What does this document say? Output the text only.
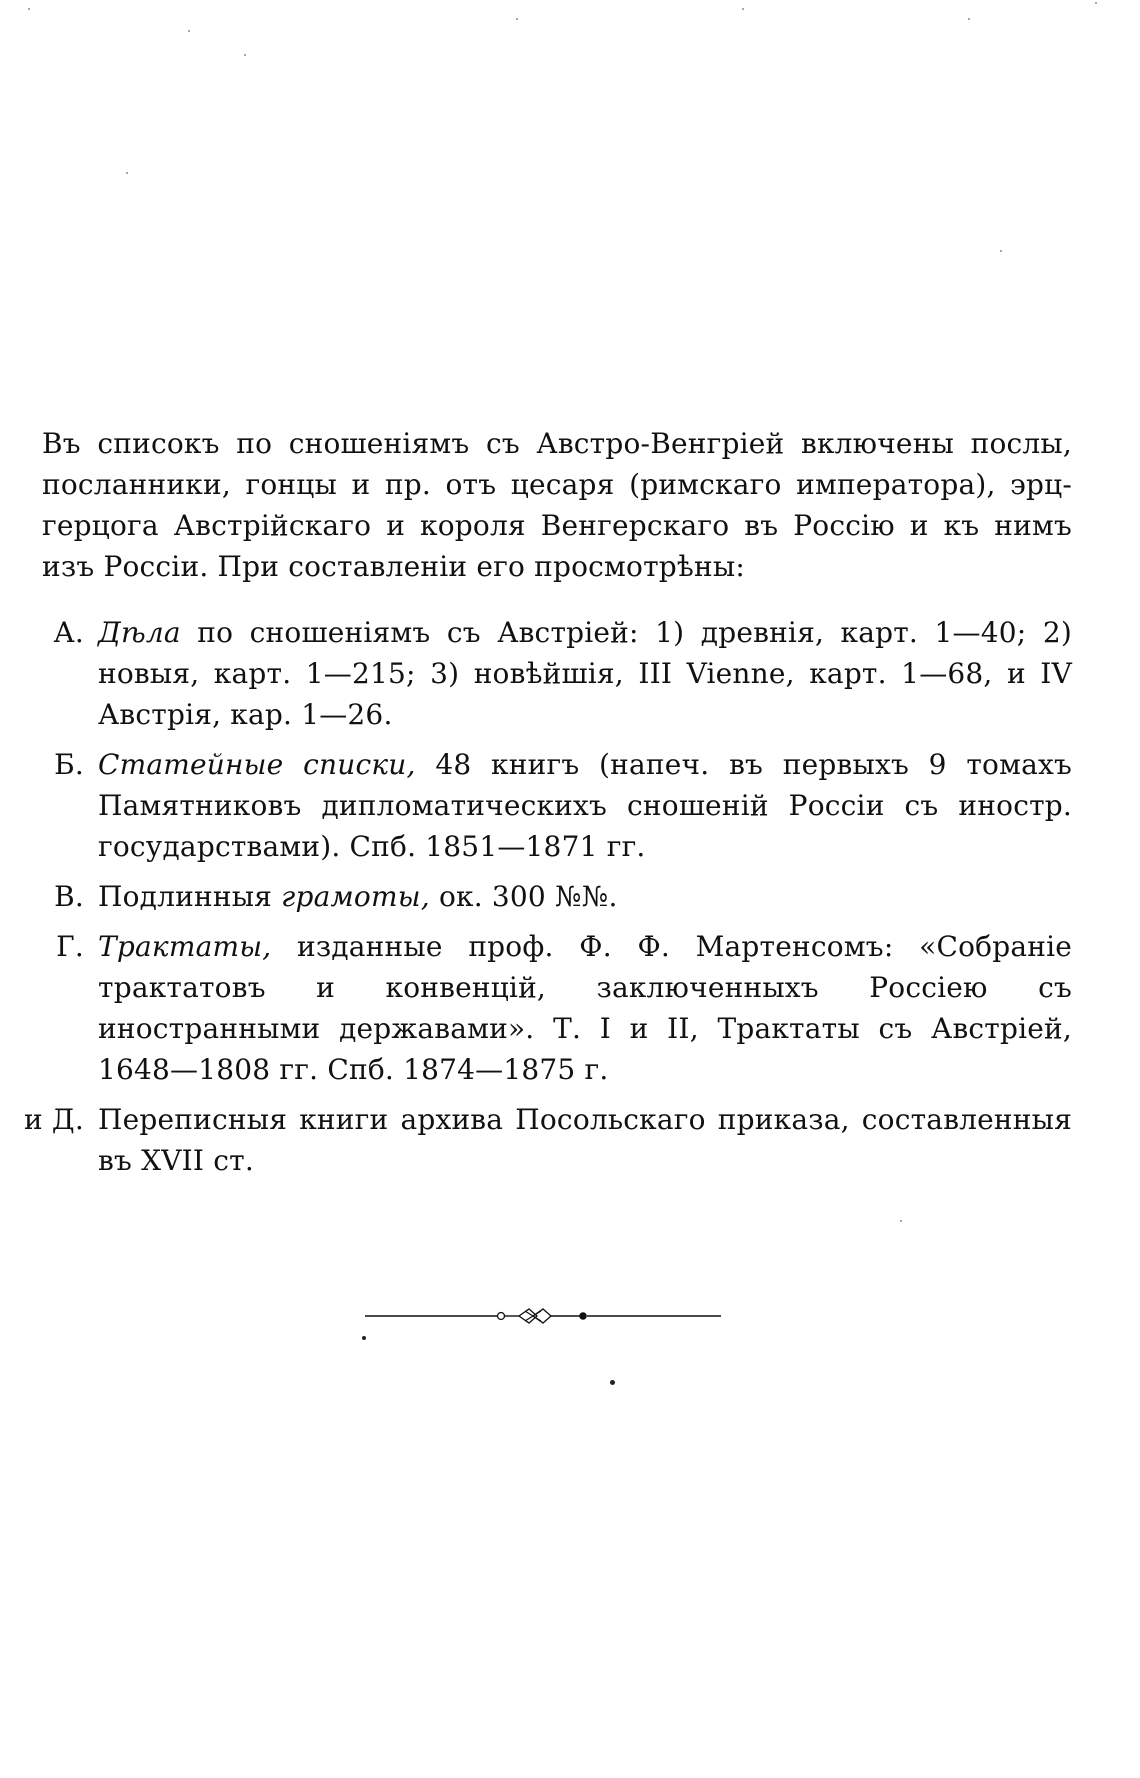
Въ списокъ по сношеніямъ съ Австро-Венгріей включены послы, посланники, гонцы и пр. отъ цесаря (римскаго императора), эрц- герцога Австрійскаго и короля Венгерскаго въ Россію и къ нимъ изъ Россіи. При составленіи его просмотрѣны:

А. Дѣла по сношеніямъ съ Австріей: 1) древнія, карт. 1—40; 2) новыя, карт. 1—215; 3) новѣйшія, III Vienne, карт. 1—68, и IV Австрія, кар. 1—26.
Б. Статейные списки, 48 книгъ (напеч. въ первыхъ 9 томахъ Памятниковъ дипломатическихъ сношеній Россіи съ иностр. государствами). Спб. 1851—1871 гг.
В. Подлинныя грамоты, ок. 300 №№.
Г. Трактаты, изданные проф. Ф. Ф. Мартенсомъ: «Собраніе трактатовъ и конвенцій, заключенныхъ Россіею съ иностранными державами». Т. I и II, Трактаты съ Австріей, 1648—1808 гг. Спб. 1874—1875 г.
и Д. Переписныя книги архива Посольскаго приказа, составленныя въ XVII ст.
